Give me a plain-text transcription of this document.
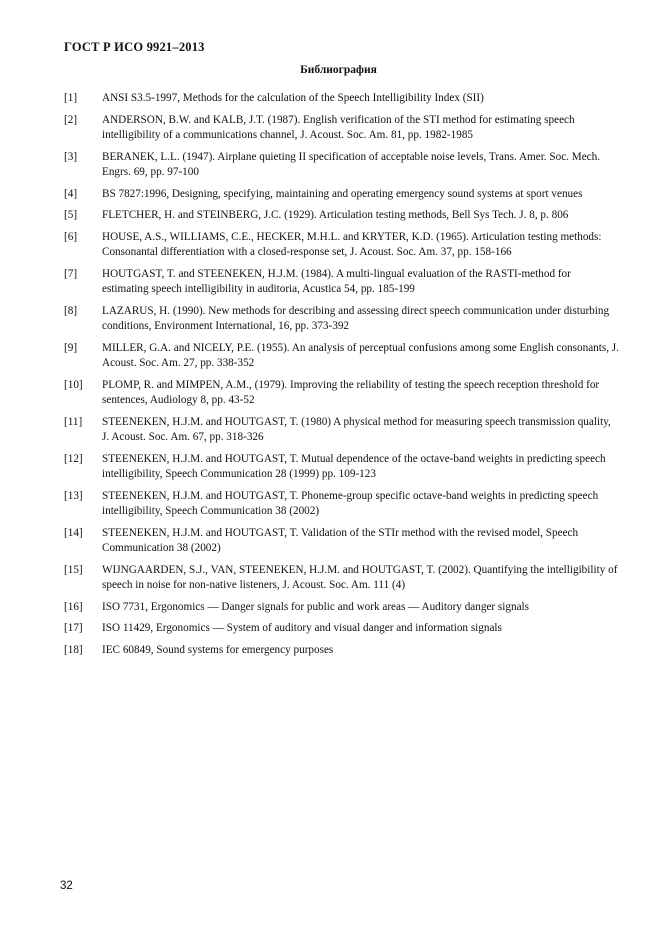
ГОСТ Р ИСО 9921–2013
Библиография
[1]	ANSI S3.5-1997, Methods for the calculation of the Speech Intelligibility Index (SII)
[2]	ANDERSON, B.W. and KALB, J.T. (1987). English verification of the STI method for estimating speech intelligibility of a communications channel, J. Acoust. Soc. Am. 81, pp. 1982-1985
[3]	BERANEK, L.L. (1947). Airplane quieting II specification of acceptable noise levels, Trans. Amer. Soc. Mech. Engrs. 69, pp. 97-100
[4]	BS 7827:1996, Designing, specifying, maintaining and operating emergency sound systems at sport venues
[5]	FLETCHER, H. and STEINBERG, J.C. (1929). Articulation testing methods, Bell Sys Tech. J. 8, p. 806
[6]	HOUSE, A.S., WILLIAMS, C.E., HECKER, M.H.L. and KRYTER, K.D. (1965). Articulation testing methods: Consonantal differentiation with a closed-response set, J. Acoust. Soc. Am. 37, pp. 158-166
[7]	HOUTGAST, T. and STEENEKEN, H.J.M. (1984). A multi-lingual evaluation of the RASTI-method for estimating speech intelligibility in auditoria, Acustica 54, pp. 185-199
[8]	LAZARUS, H. (1990). New methods for describing and assessing direct speech communication under disturbing conditions, Environment International, 16, pp. 373-392
[9]	MILLER, G.A. and NICELY, P.E. (1955). An analysis of perceptual confusions among some English consonants, J. Acoust. Soc. Am. 27, pp. 338-352
[10]	PLOMP, R. and MIMPEN, A.M., (1979). Improving the reliability of testing the speech reception threshold for sentences, Audiology 8, pp. 43-52
[11]	STEENEKEN, H.J.M. and HOUTGAST, T. (1980) A physical method for measuring speech transmission quality, J. Acoust. Soc. Am. 67, pp. 318-326
[12]	STEENEKEN, H.J.M. and HOUTGAST, T. Mutual dependence of the octave-band weights in predicting speech intelligibility, Speech Communication 28 (1999) pp. 109-123
[13]	STEENEKEN, H.J.M. and HOUTGAST, T. Phoneme-group specific octave-band weights in predicting speech intelligibility, Speech Communication 38 (2002)
[14]	STEENEKEN, H.J.M. and HOUTGAST, T. Validation of the STIr method with the revised model, Speech Communication 38 (2002)
[15]	WIJNGAARDEN, S.J., VAN, STEENEKEN, H.J.M. and HOUTGAST, T. (2002). Quantifying the intelligibility of speech in noise for non-native listeners, J. Acoust. Soc. Am. 111 (4)
[16]	ISO 7731, Ergonomics — Danger signals for public and work areas — Auditory danger signals
[17]	ISO 11429, Ergonomics — System of auditory and visual danger and information signals
[18]	IEC 60849, Sound systems for emergency purposes
32
